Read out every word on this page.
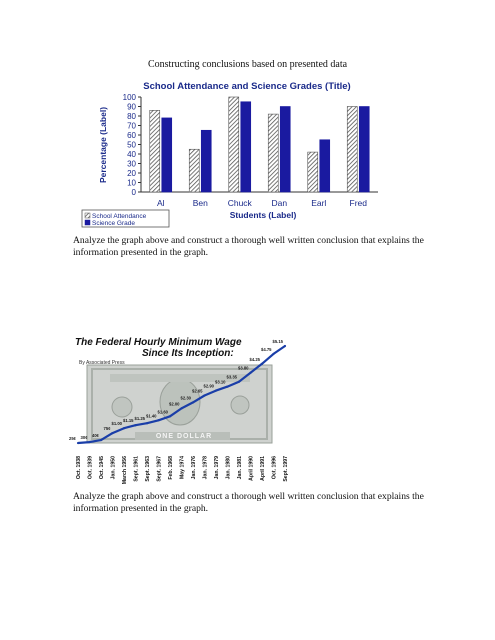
Constructing conclusions based on presented data
School Attendance and Science Grades (Title)
Percentage (Label)
0
10
20
30
40
50
60
70
80
90
100
Al	Ben Chuck Dan	Earl	Fred
Students (Label)
School Attendance
Science Grade
The Federal Hourly Minimum Wage
Since Its Inception:
By Associated Press
ONE DOLLAR
25¢ 30¢ 40¢
75¢
$1.00
$1.15 $1.25
$1.40
$1.60
$2.00
$2.30
$2.65
$2.90
$3.10
$3.35
$3.80
$4.25
$4.75
$5.15
Oct. 1938 Oct. 1939 Oct. 1945 Jan. 1950 March 1956 Sept. 1961 Sept. 1963 Sept. 1967 Feb. 1968 May 1974 Jan. 1976 Jan. 1978 Jan. 1979 Jan. 1980 Jan. 1981 April 1990 April 1991 Oct. 1996 Sept. 1997
Analyze the graph above and construct a thorough well written conclusion that explains the information presented in the graph.
Analyze the graph above and construct a thorough well written conclusion that explains the information presented in the graph.
